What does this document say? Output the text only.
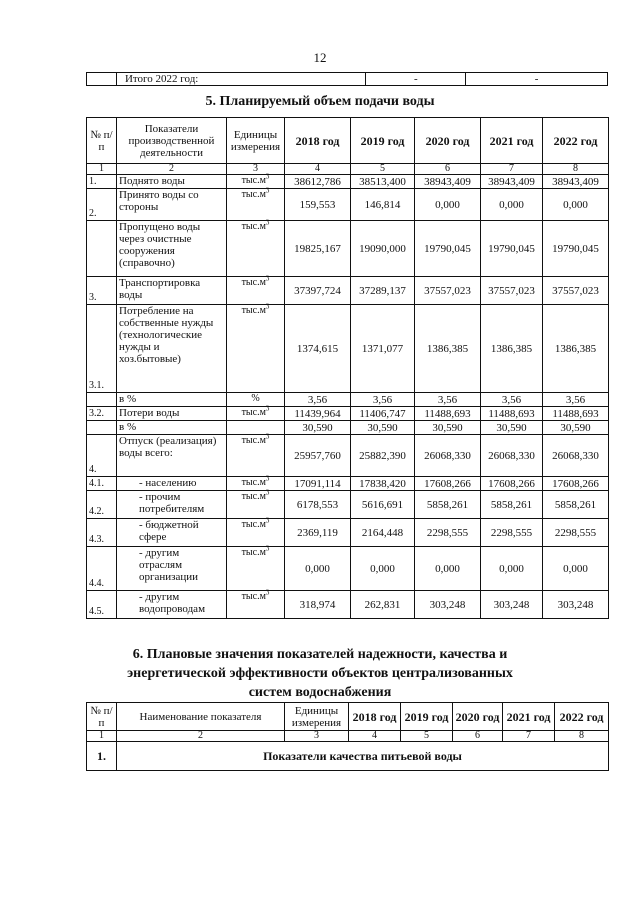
12
	Итого 2022 год:	-	-
5. Планируемый объем подачи воды
№ п/п	Показатели производственной деятельности	Единицы измерения	2018 год	2019 год	2020 год	2021 год	2022 год
1	2	3	4	5	6	7	8
1.	Поднято воды	$тыс.м^3$	38612,786	38513,400	38943,409	38943,409	38943,409
2.	Принято воды со стороны	$тыс.м^3$	159,553	146,814	0,000	0,000	0,000
	Пропущено воды через очистные сооружения (справочно)	$тыс.м^3$	19825,167	19090,000	19790,045	19790,045	19790,045
3.	Транспортировка воды	$тыс.м^3$	37397,724	37289,137	37557,023	37557,023	37557,023
3.1.	Потребление на собственные нужды (технологические нужды и хоз.бытовые)	$тыс.м^3$	1374,615	1371,077	1386,385	1386,385	1386,385
	в %	%	3,56	3,56	3,56	3,56	3,56
3.2.	Потери воды	$тыс.м^3$	11439,964	11406,747	11488,693	11488,693	11488,693
	в %		30,590	30,590	30,590	30,590	30,590
4.	Отпуск (реализация) воды всего:	$тыс.м^3$	25957,760	25882,390	26068,330	26068,330	26068,330
4.1.	- населению	$тыс.м^3$	17091,114	17838,420	17608,266	17608,266	17608,266
4.2.	- прочим потребителям	$тыс.м^3$	6178,553	5616,691	5858,261	5858,261	5858,261
4.3.	- бюджетной сфере	$тыс.м^3$	2369,119	2164,448	2298,555	2298,555	2298,555
4.4.	- другим отраслям организации	$тыс.м^3$	0,000	0,000	0,000	0,000	0,000
4.5.	- другим водопроводам	$тыс.м^3$	318,974	262,831	303,248	303,248	303,248
6. Плановые значения показателей надежности, качества и
энергетической эффективности объектов централизованных
систем водоснабжения
№ п/п	Наименование показателя	Единицы измерения	2018 год	2019 год	2020 год	2021 год	2022 год
1	2	3	4	5	6	7	8
1.	Показатели качества питьевой воды						
